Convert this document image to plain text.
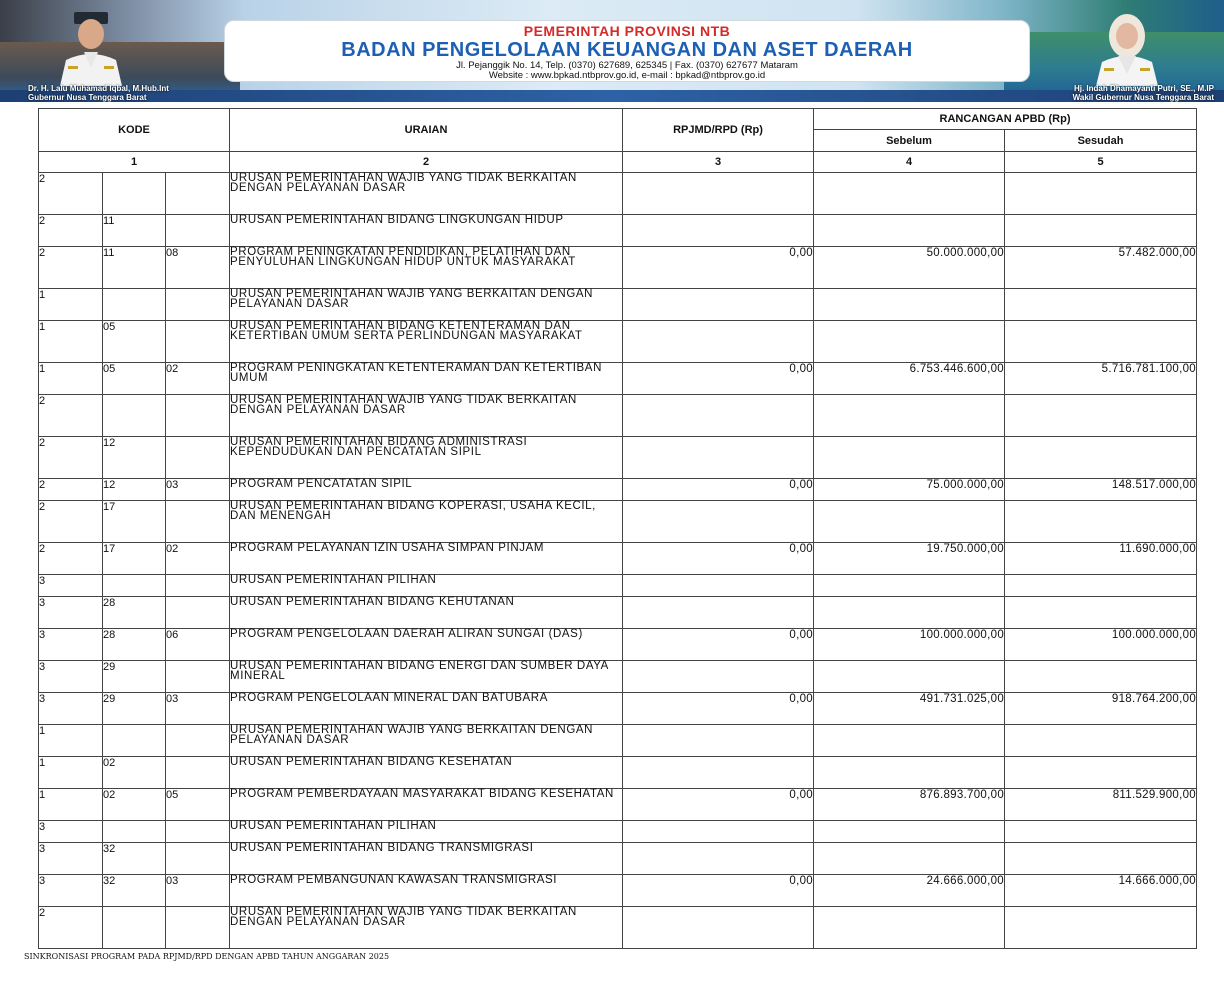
Dr. H. Lalu Muhamad Iqbal, M.Hub.Int
Gubernur Nusa Tenggara Barat
Hj. Indah Dhamayanti Putri, SE., M.IP
Wakil Gubernur Nusa Tenggara Barat
PEMERINTAH PROVINSI NTB
BADAN PENGELOLAAN KEUANGAN DAN ASET DAERAH
Jl. Pejanggik No. 14, Telp. (0370) 627689, 625345 | Fax. (0370) 627677 Mataram
Website : www.bpkad.ntbprov.go.id, e-mail : bpkad@ntbprov.go.id
KODE			URAIAN	RPJMD/RPD (Rp)	RANCANGAN APBD (Rp)	
					Sebelum	Sesudah
1			2	3	4	5
2			URUSAN PEMERINTAHAN WAJIB YANG TIDAK BERKAITAN DENGAN PELAYANAN DASAR			
2	11		URUSAN PEMERINTAHAN BIDANG LINGKUNGAN HIDUP			
2	11	08	PROGRAM PENINGKATAN PENDIDIKAN, PELATIHAN DAN PENYULUHAN LINGKUNGAN HIDUP UNTUK MASYARAKAT	0,00	50.000.000,00	57.482.000,00
1			URUSAN PEMERINTAHAN WAJIB YANG BERKAITAN DENGAN PELAYANAN DASAR			
1	05		URUSAN PEMERINTAHAN BIDANG KETENTERAMAN DAN KETERTIBAN UMUM SERTA PERLINDUNGAN MASYARAKAT			
1	05	02	PROGRAM PENINGKATAN KETENTERAMAN DAN KETERTIBAN UMUM	0,00	6.753.446.600,00	5.716.781.100,00
2			URUSAN PEMERINTAHAN WAJIB YANG TIDAK BERKAITAN DENGAN PELAYANAN DASAR			
2	12		URUSAN PEMERINTAHAN BIDANG ADMINISTRASI KEPENDUDUKAN DAN PENCATATAN SIPIL			
2	12	03	PROGRAM PENCATATAN SIPIL	0,00	75.000.000,00	148.517.000,00
2	17		URUSAN PEMERINTAHAN BIDANG KOPERASI, USAHA KECIL, DAN MENENGAH			
2	17	02	PROGRAM PELAYANAN IZIN USAHA SIMPAN PINJAM	0,00	19.750.000,00	11.690.000,00
3			URUSAN PEMERINTAHAN PILIHAN			
3	28		URUSAN PEMERINTAHAN BIDANG KEHUTANAN			
3	28	06	PROGRAM PENGELOLAAN DAERAH ALIRAN SUNGAI (DAS)	0,00	100.000.000,00	100.000.000,00
3	29		URUSAN PEMERINTAHAN BIDANG ENERGI DAN SUMBER DAYA MINERAL			
3	29	03	PROGRAM PENGELOLAAN MINERAL DAN BATUBARA	0,00	491.731.025,00	918.764.200,00
1			URUSAN PEMERINTAHAN WAJIB YANG BERKAITAN DENGAN PELAYANAN DASAR			
1	02		URUSAN PEMERINTAHAN BIDANG KESEHATAN			
1	02	05	PROGRAM PEMBERDAYAAN MASYARAKAT BIDANG KESEHATAN	0,00	876.893.700,00	811.529.900,00
3			URUSAN PEMERINTAHAN PILIHAN			
3	32		URUSAN PEMERINTAHAN BIDANG TRANSMIGRASI			
3	32	03	PROGRAM PEMBANGUNAN KAWASAN TRANSMIGRASI	0,00	24.666.000,00	14.666.000,00
2			URUSAN PEMERINTAHAN WAJIB YANG TIDAK BERKAITAN DENGAN PELAYANAN DASAR			
SINKRONISASI PROGRAM PADA RPJMD/RPD DENGAN APBD TAHUN ANGGARAN 2025
